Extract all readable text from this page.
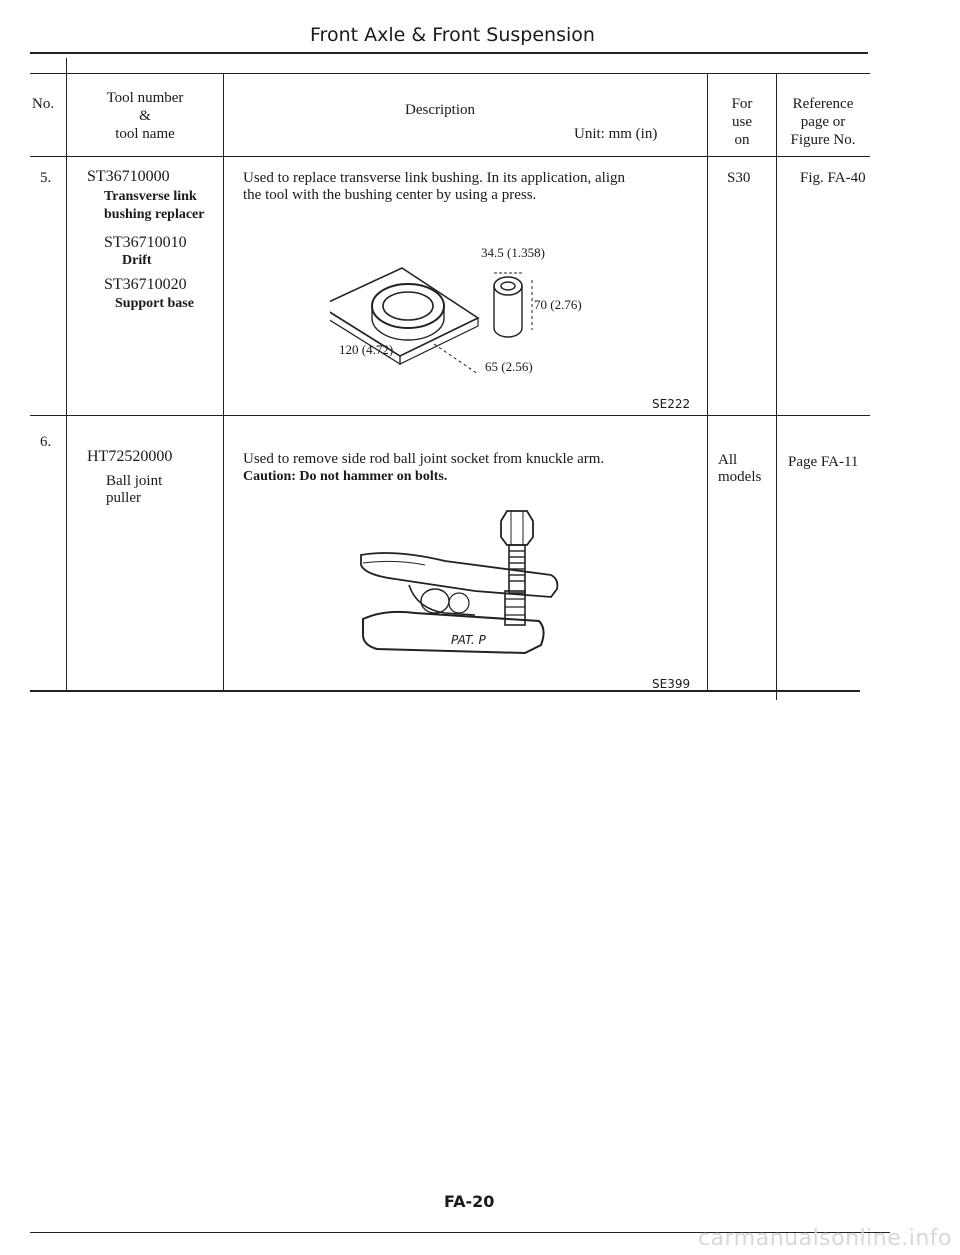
Front Axle & Front Suspension
No.	Tool number
&
tool name
Description
Unit: mm (in)
For
use
on
Reference
page or
Figure No.
5. ST36710000
Transverse link
bushing replacer
ST36710010
Drift
ST36710020
Support base
Used to replace transverse link bushing. In its application, align
the tool with the bushing center by using a press.
34.5 (1.358)
70 (2.76)
120 (4.72)
65 (2.56)
SE222
S30	Fig. FA-40
6.
HT72520000
Ball joint
puller
Used to remove side rod ball joint socket from knuckle arm.
Caution: Do not hammer on bolts.
PAT. P
SE399
All
models
Page FA-11
FA-20
carmanualsonline.info
